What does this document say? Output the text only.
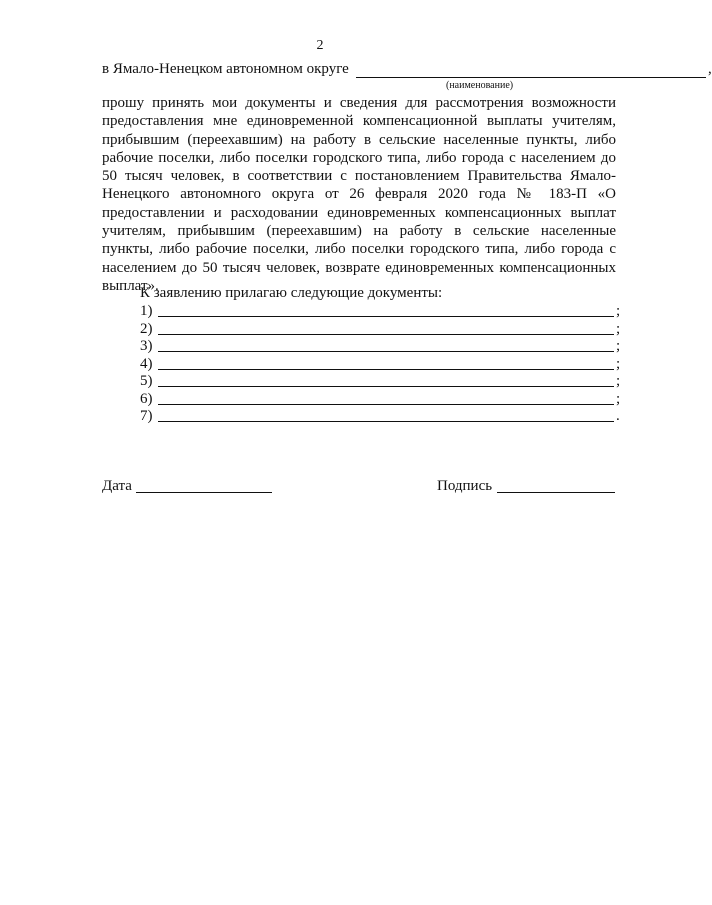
2
в Ямало-Ненецком автономном округе	,
(наименование)
прошу принять мои документы и сведения для рассмотрения возможности предоставления мне единовременной компенсационной выплаты учителям, прибывшим (переехавшим) на работу в сельские населенные пункты, либо рабочие поселки, либо поселки городского типа, либо города с населением до 50 тысяч человек, в соответствии с постановлением Правительства Ямало-Ненецкого автономного округа от 26 февраля 2020 года № 183-П «О предоставлении и расходовании единовременных компенсационных выплат учителям, прибывшим (переехавшим) на работу в сельские населенные пункты, либо рабочие поселки, либо поселки городского типа, либо города с населением до 50 тысяч человек, возврате единовременных компенсационных выплат».
К заявлению прилагаю следующие документы:
1)	;
2)	;
3)	;
4)	;
5)	;
6)	;
7)	.
Дата	Подпись
